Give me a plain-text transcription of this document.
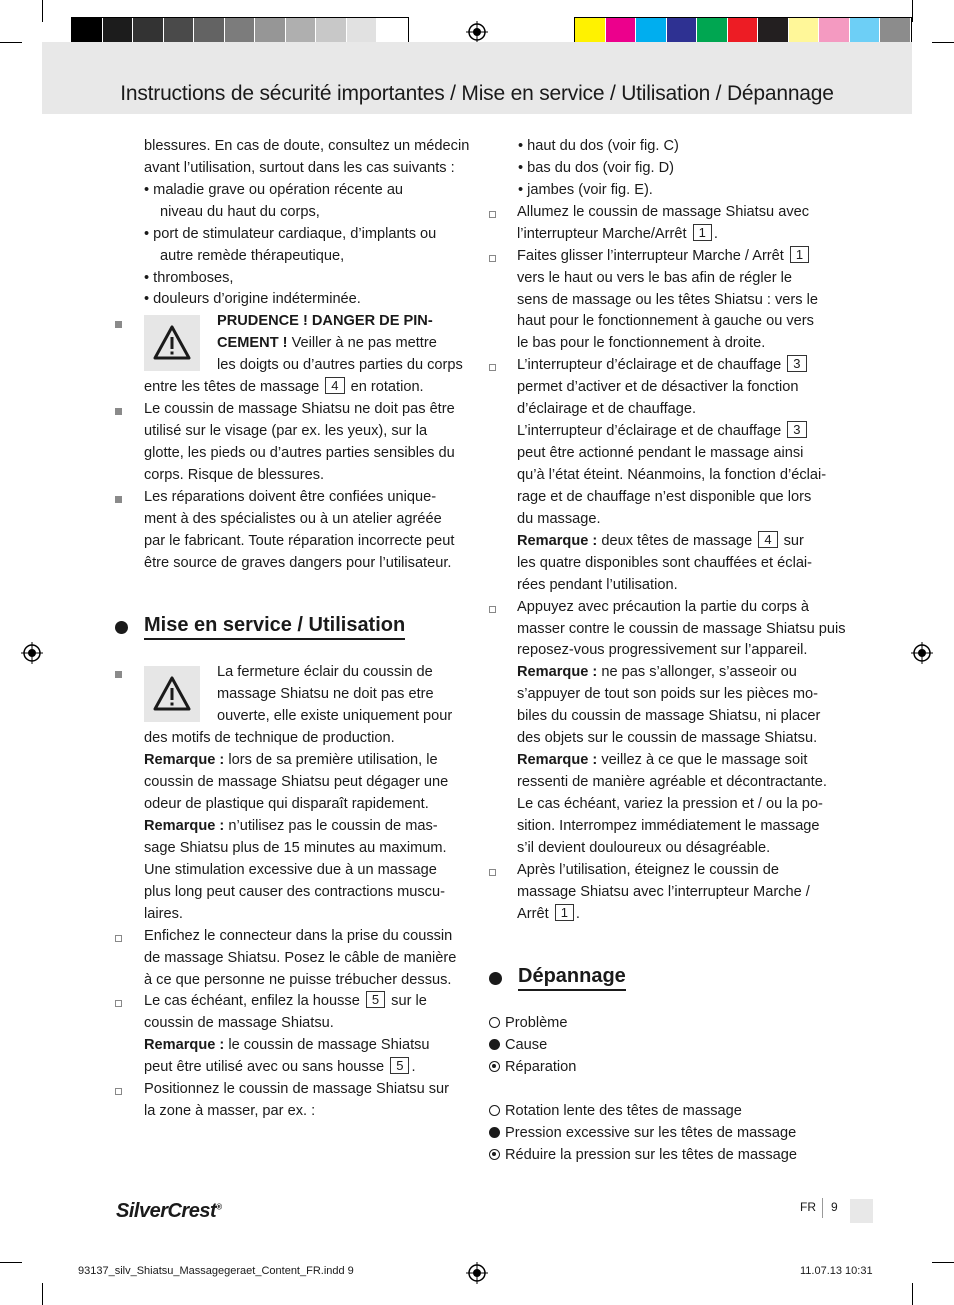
Instructions de sécurité importantes / Mise en service / Utilisation / Dépannage
blessures. En cas de doute, consultez un médecin
avant l’utilisation, surtout dans les cas suivants :
• maladie grave ou opération récente au
niveau du haut du corps,
• port de stimulateur cardiaque, d’implants ou
autre remède thérapeutique,
• thromboses,
• douleurs d’origine indéterminée.
PRUDENCE ! DANGER DE PIN-
CEMENT ! Veiller à ne pas mettre
les doigts ou d’autres parties du corps
entre les têtes de massage 4 en rotation.
Le coussin de massage Shiatsu ne doit pas être
utilisé sur le visage (par ex. les yeux), sur la
glotte, les pieds ou d’autres parties sensibles du
corps. Risque de blessures.
Les réparations doivent être confiées unique-
ment à des spécialistes ou à un atelier agréée
par le fabricant. Toute réparation incorrecte peut
être source de graves dangers pour l’utilisateur.
Mise en service / Utilisation
La fermeture éclair du coussin de
massage Shiatsu ne doit pas etre
ouverte, elle existe uniquement pour
des motifs de technique de production.
Remarque : lors de sa première utilisation, le
coussin de massage Shiatsu peut dégager une
odeur de plastique qui disparaît rapidement.
Remarque : n’utilisez pas le coussin de mas-
sage Shiatsu plus de 15 minutes au maximum.
Une stimulation excessive due à un massage
plus long peut causer des contractions muscu-
laires.
Enfichez le connecteur dans la prise du coussin
de massage Shiatsu. Posez le câble de manière
à ce que personne ne puisse trébucher dessus.
Le cas échéant, enfilez la housse 5 sur le
coussin de massage Shiatsu.
Remarque : le coussin de massage Shiatsu
peut être utilisé avec ou sans housse 5 .
Positionnez le coussin de massage Shiatsu sur
la zone à masser, par ex. :
• haut du dos (voir fig. C)
• bas du dos (voir fig. D)
• jambes (voir fig. E).
Allumez le coussin de massage Shiatsu avec
l’interrupteur Marche/Arrêt 1 .
Faites glisser l’interrupteur Marche / Arrêt 1
vers le haut ou vers le bas afin de régler le
sens de massage ou les têtes Shiatsu : vers le
haut pour le fonctionnement à gauche ou vers
le bas pour le fonctionnement à droite.
L’interrupteur d’éclairage et de chauffage 3
permet d’activer et de désactiver la fonction
d’éclairage et de chauffage.
L’interrupteur d’éclairage et de chauffage 3
peut être actionné pendant le massage ainsi
qu’à l’état éteint. Néanmoins, la fonction d’éclai-
rage et de chauffage n’est disponible que lors
du massage.
Remarque : deux têtes de massage 4 sur
les quatre disponibles sont chauffées et éclai-
rées pendant l’utilisation.
Appuyez avec précaution la partie du corps à
masser contre le coussin de massage Shiatsu puis
reposez-vous progressivement sur l’appareil.
Remarque : ne pas s’allonger, s’asseoir ou
s’appuyer de tout son poids sur les pièces mo-
biles du coussin de massage Shiatsu, ni placer
des objets sur le coussin de massage Shiatsu.
Remarque : veillez à ce que le massage soit
ressenti de manière agréable et décontractante.
Le cas échéant, variez la pression et / ou la po-
sition. Interrompez immédiatement le massage
s’il devient douloureux ou désagréable.
Après l’utilisation, éteignez le coussin de
massage Shiatsu avec l’interrupteur Marche /
Arrêt 1 .
Dépannage
Problème
Cause
Réparation
Rotation lente des têtes de massage
Pression excessive sur les têtes de massage
Réduire la pression sur les têtes de massage
SilverCrest®	FR 9
93137_silv_Shiatsu_Massagegeraet_Content_FR.indd 9	11.07.13 10:31
